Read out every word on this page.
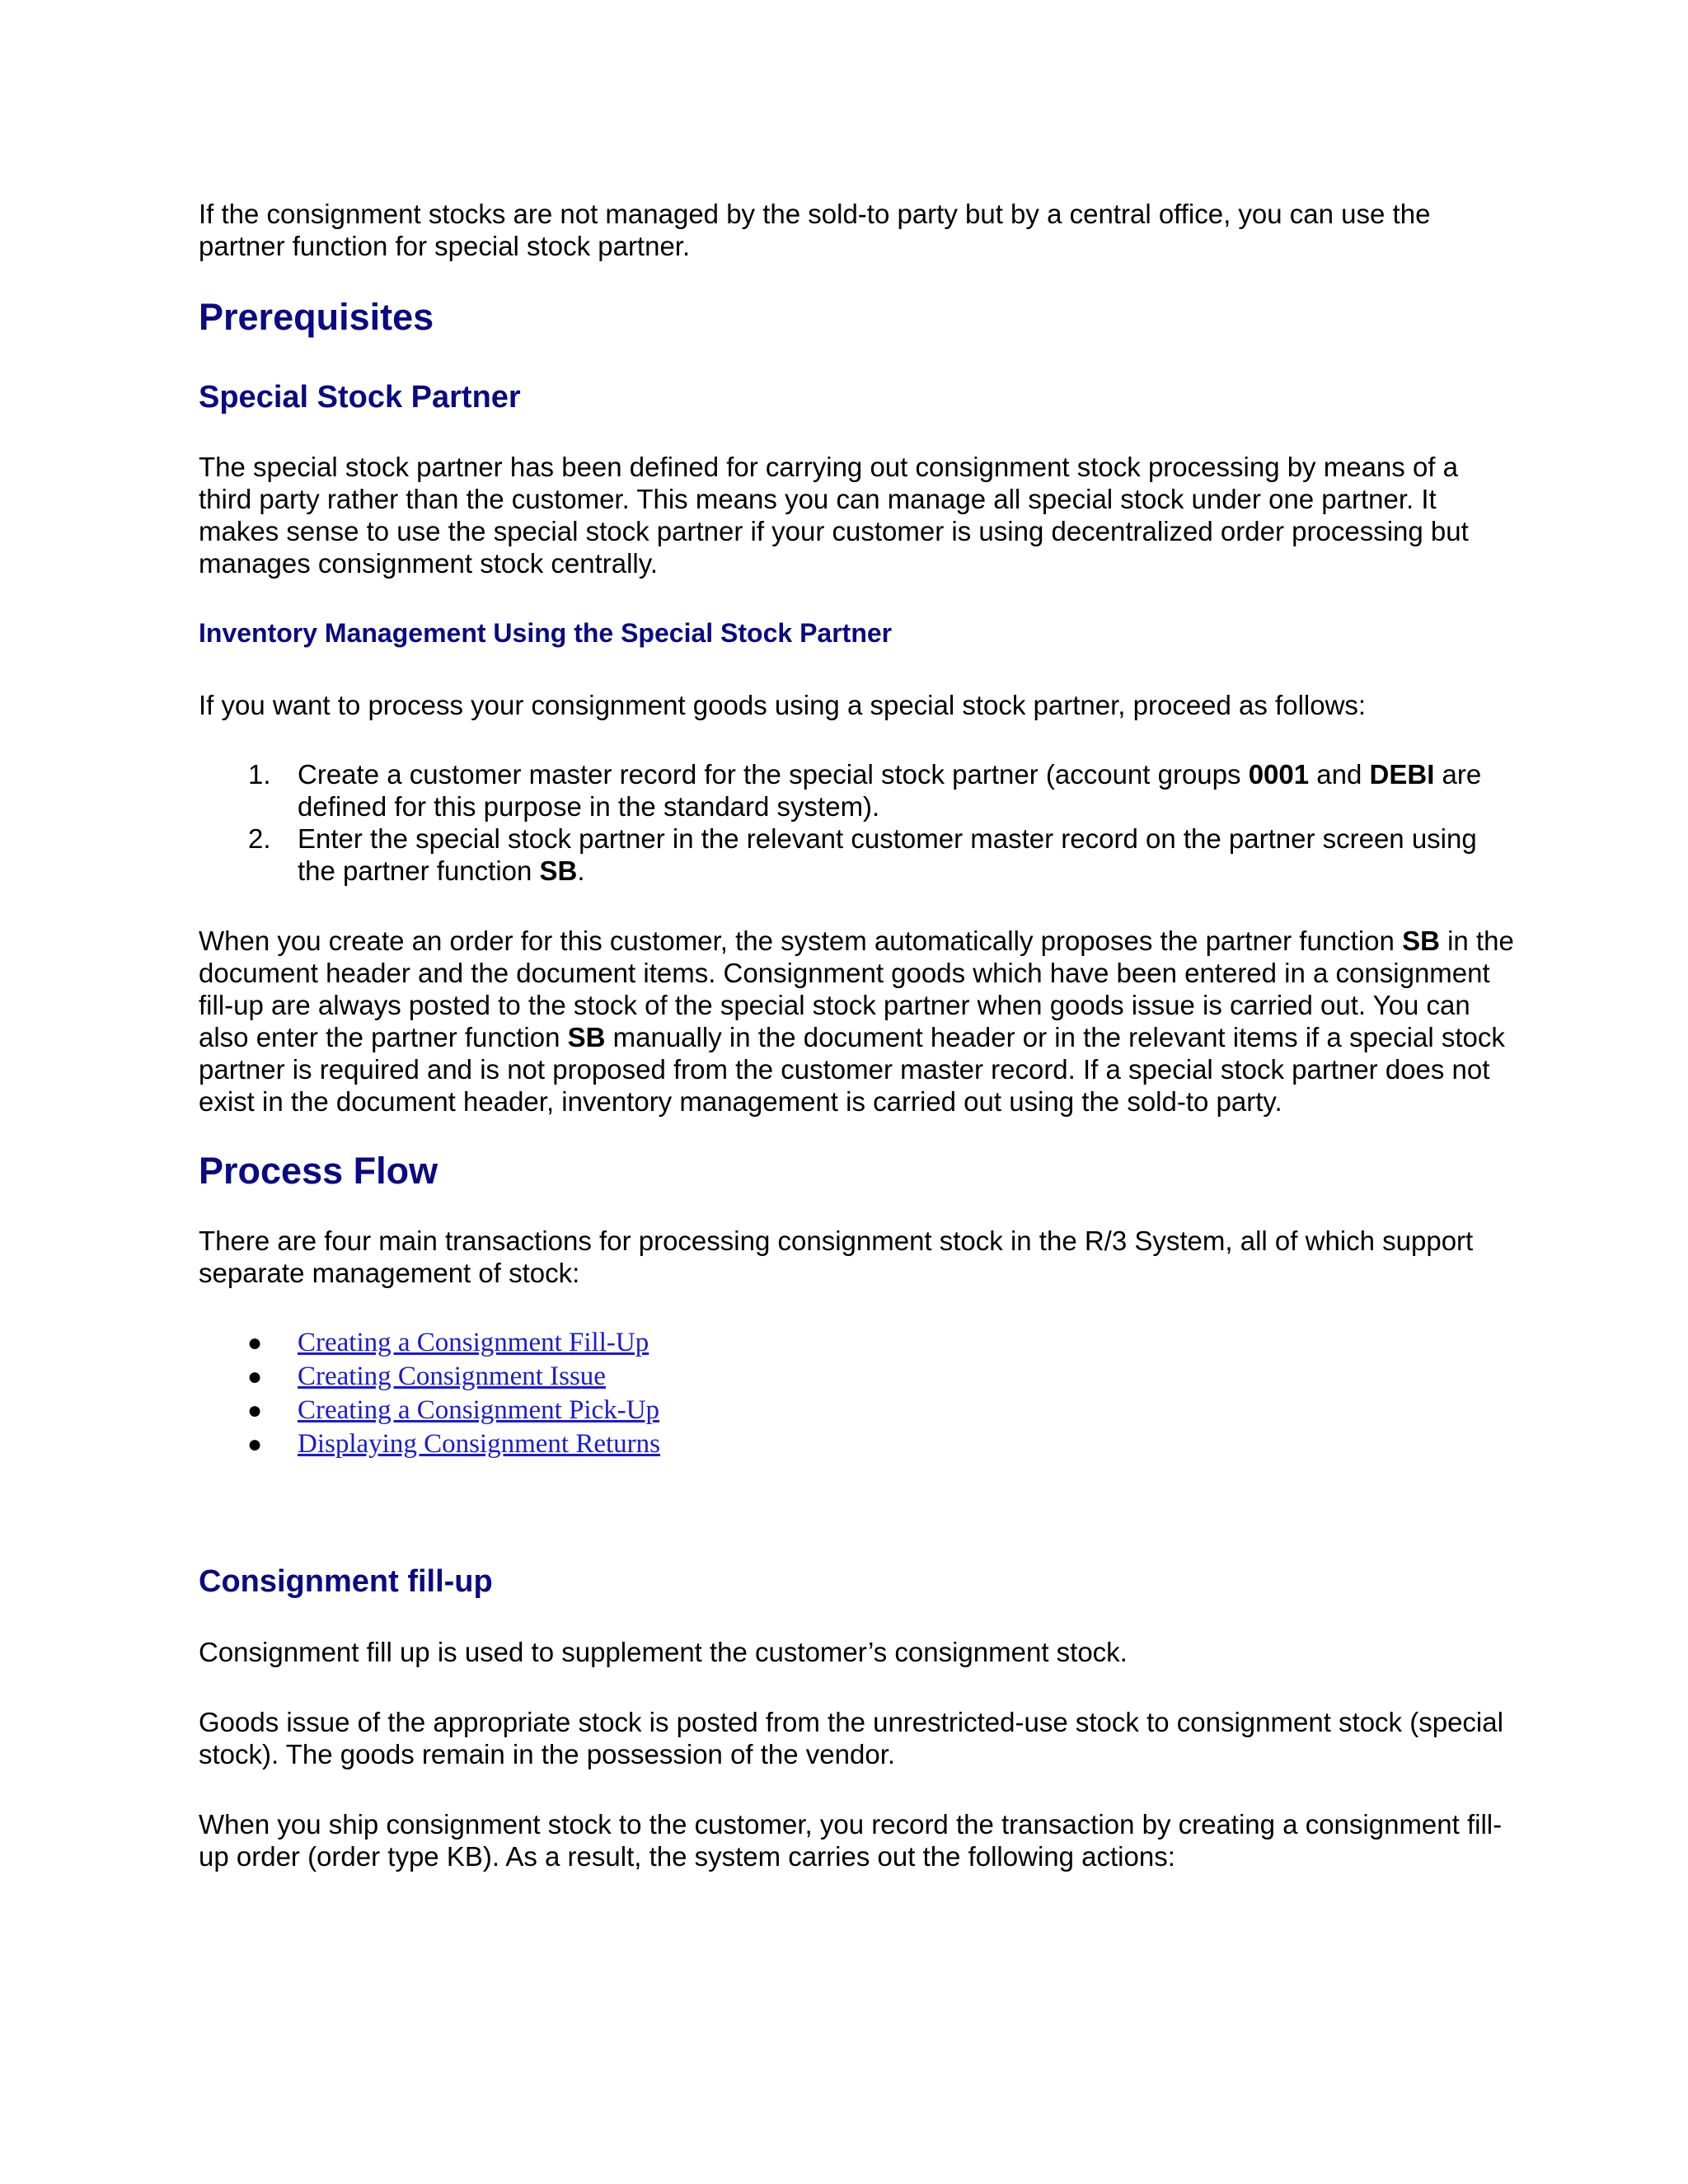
If the consignment stocks are not managed by the sold-to party but by a central office, you can use the partner function for special stock partner.

Prerequisites
Special Stock Partner

The special stock partner has been defined for carrying out consignment stock processing by means of a third party rather than the customer. This means you can manage all special stock under one partner. It makes sense to use the special stock partner if your customer is using decentralized order processing but manages consignment stock centrally.

Inventory Management Using the Special Stock Partner

If you want to process your consignment goods using a special stock partner, proceed as follows:

1. Create a customer master record for the special stock partner (account groups 0001 and DEBI are defined for this purpose in the standard system).
2. Enter the special stock partner in the relevant customer master record on the partner screen using the partner function SB.

When you create an order for this customer, the system automatically proposes the partner function SB in the document header and the document items. Consignment goods which have been entered in a consignment fill-up are always posted to the stock of the special stock partner when goods issue is carried out. You can also enter the partner function SB manually in the document header or in the relevant items if a special stock partner is required and is not proposed from the customer master record. If a special stock partner does not exist in the document header, inventory management is carried out using the sold-to party.

Process Flow

There are four main transactions for processing consignment stock in the R/3 System, all of which support separate management of stock:

● Creating a Consignment Fill-Up
● Creating Consignment Issue
● Creating a Consignment Pick-Up
● Displaying Consignment Returns
Consignment fill-up

Consignment fill up is used to supplement the customer’s consignment stock.

Goods issue of the appropriate stock is posted from the unrestricted-use stock to consignment stock (special stock). The goods remain in the possession of the vendor.

When you ship consignment stock to the customer, you record the transaction by creating a consignment fill-up order (order type KB). As a result, the system carries out the following actions:
